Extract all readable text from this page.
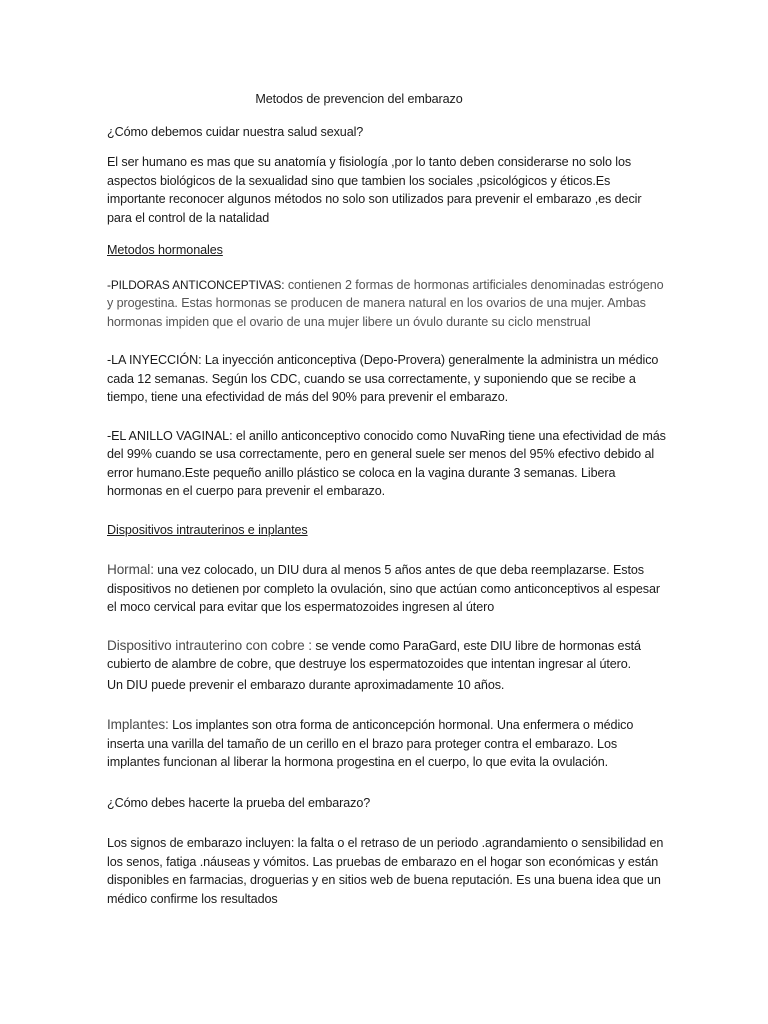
Metodos de prevencion del embarazo

¿Cómo debemos cuidar nuestra salud sexual?

El ser humano es mas que su anatomía y fisiología ,por lo tanto deben considerarse no solo los aspectos biológicos de la sexualidad sino que tambien los sociales ,psicológicos y éticos.Es importante reconocer algunos métodos no solo son utilizados para prevenir el embarazo ,es decir para el control de la natalidad

Metodos hormonales

-PILDORAS ANTICONCEPTIVAS: contienen 2 formas de hormonas artificiales denominadas estrógeno y progestina. Estas hormonas se producen de manera natural en los ovarios de una mujer. Ambas hormonas impiden que el ovario de una mujer libere un óvulo durante su ciclo menstrual

-LA INYECCIÓN: La inyección anticonceptiva (Depo-Provera) generalmente la administra un médico cada 12 semanas. Según los CDC, cuando se usa correctamente, y suponiendo que se recibe a tiempo, tiene una efectividad de más del 90% para prevenir el embarazo.

-EL ANILLO VAGINAL: el anillo anticonceptivo conocido como NuvaRing tiene una efectividad de más del 99% cuando se usa correctamente, pero en general suele ser menos del 95% efectivo debido al error humano.Este pequeño anillo plástico se coloca en la vagina durante 3 semanas. Libera hormonas en el cuerpo para prevenir el embarazo.

Dispositivos intrauterinos e inplantes

Hormal: una vez colocado, un DIU dura al menos 5 años antes de que deba reemplazarse. Estos dispositivos no detienen por completo la ovulación, sino que actúan como anticonceptivos al espesar el moco cervical para evitar que los espermatozoides ingresen al útero

Dispositivo intrauterino con cobre : se vende como ParaGard, este DIU libre de hormonas está cubierto de alambre de cobre, que destruye los espermatozoides que intentan ingresar al útero.

Un DIU puede prevenir el embarazo durante aproximadamente 10 años.

Implantes: Los implantes son otra forma de anticoncepción hormonal. Una enfermera o médico inserta una varilla del tamaño de un cerillo en el brazo para proteger contra el embarazo. Los implantes funcionan al liberar la hormona progestina en el cuerpo, lo que evita la ovulación.

¿Cómo debes hacerte la prueba del embarazo?

Los signos de embarazo incluyen: la falta o el retraso de un periodo .agrandamiento o sensibilidad en los senos, fatiga .náuseas y vómitos. Las pruebas de embarazo en el hogar son económicas y están disponibles en farmacias, droguerias y en sitios web de buena reputación. Es una buena idea que un médico confirme los resultados
